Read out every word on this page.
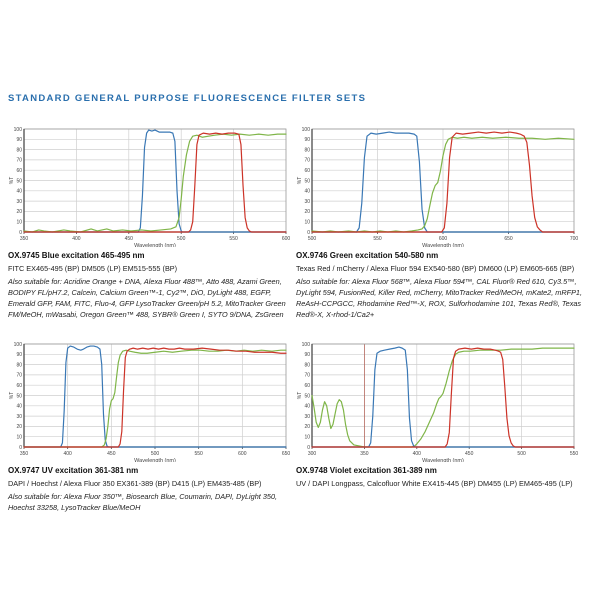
STANDARD GENERAL PURPOSE FLUORESCENCE FILTER SETS
0
10
20
30
40
50
60
70
80
90
100
350	400	450	500	550	600
Wavelength (nm)
%T
OX.9745 Blue excitation 465-495 nm
FITC EX465-495 (BP) DM505 (LP) EM515-555 (BP)
Also suitable for: Acridine Orange + DNA, Alexa Fluor 488™, Atto 488, Azami Green, BODIPY FL/pH7.2, Calcein, Calcium Green™-1, Cy2™, DiO, DyLight 488, EGFP, Emerald GFP, FAM, FITC, Fluo-4, GFP LysoTracker Green/pH 5.2, MitoTracker Green FM/MeOH, mWasabi, Oregon Green™ 488, SYBR® Green I, SYTO 9/DNA, ZsGreen
0
10
20
30
40
50
60
70
80
90
100
500	550	600	650	700
Wavelength (nm)
%T
OX.9746 Green excitation 540-580 nm
Texas Red / mCherry / Alexa Fluor 594 EX540-580 (BP) DM600 (LP) EM605-665 (BP)
Also suitable for: Alexa Fluor 568™, Alexa Fluor 594™, CAL Fluor® Red 610, Cy3.5™, DyLight 594, FusionRed, Killer Red, mCherry, MitoTracker Red/MeOH, mKate2, mRFP1, ReAsH-CCPGCC, Rhodamine Red™-X, ROX, Sulforhodamine 101, Texas Red®, Texas Red®-X, X-rhod-1/Ca2+
0
10
20
30
40
50
60
70
80
90
100
350	400	450	500	550	600	650
Wavelength (nm)
%T
OX.9747 UV excitation 361-381 nm
DAPI / Hoechst / Alexa Fluor 350 EX361-389 (BP) D415 (LP) EM435-485 (BP)
Also suitable for: Alexa Fluor 350™, Biosearch Blue, Coumarin, DAPI, DyLight 350, Hoechst 33258, LysoTracker Blue/MeOH
0
10
20
30
40
50
60
70
80
90
100
300	350	400	450	500	550
Wavelength (nm)
%T
OX.9748 Violet excitation 361-389 nm
UV / DAPI Longpass, Calcofluor White EX415-445 (BP) DM455 (LP) EM465-495 (LP)
